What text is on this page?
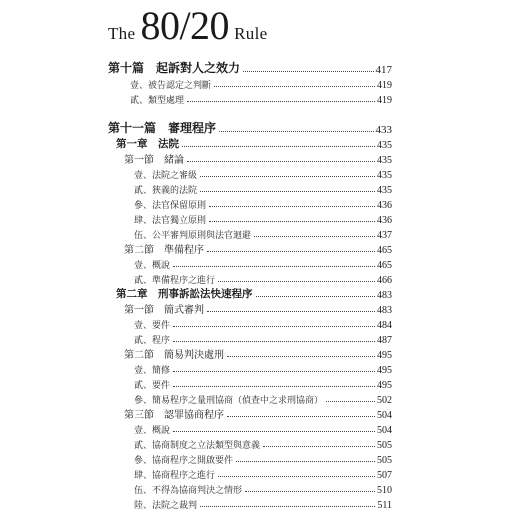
The 80/20 Rule
第十篇　起訴對人之效力	417
壹、被告認定之判斷	419
貳、類型處理	419
第十一篇　審理程序	433
第一章　法院	435
第一節　緒論	435
壹、法院之審級	435
貳、狹義的法院	435
參、法官保留原則	436
肆、法官獨立原則	436
伍、公平審判原則與法官迴避	437
第二節　準備程序	465
壹、概說	465
貳、準備程序之進行	466
第二章　刑事訴訟法快速程序	483
第一節　簡式審判	483
壹、要件	484
貳、程序	487
第二節　簡易判決處刑	495
壹、簡修	495
貳、要件	495
參、簡易程序之量刑協商（偵查中之求刑協商）	502
第三節　認罪協商程序	504
壹、概說	504
貳、協商制度之立法類型與意義	505
參、協商程序之開啟要件	505
肆、協商程序之進行	507
伍、不得為協商判決之情形	510
陸、法院之裁判	511
